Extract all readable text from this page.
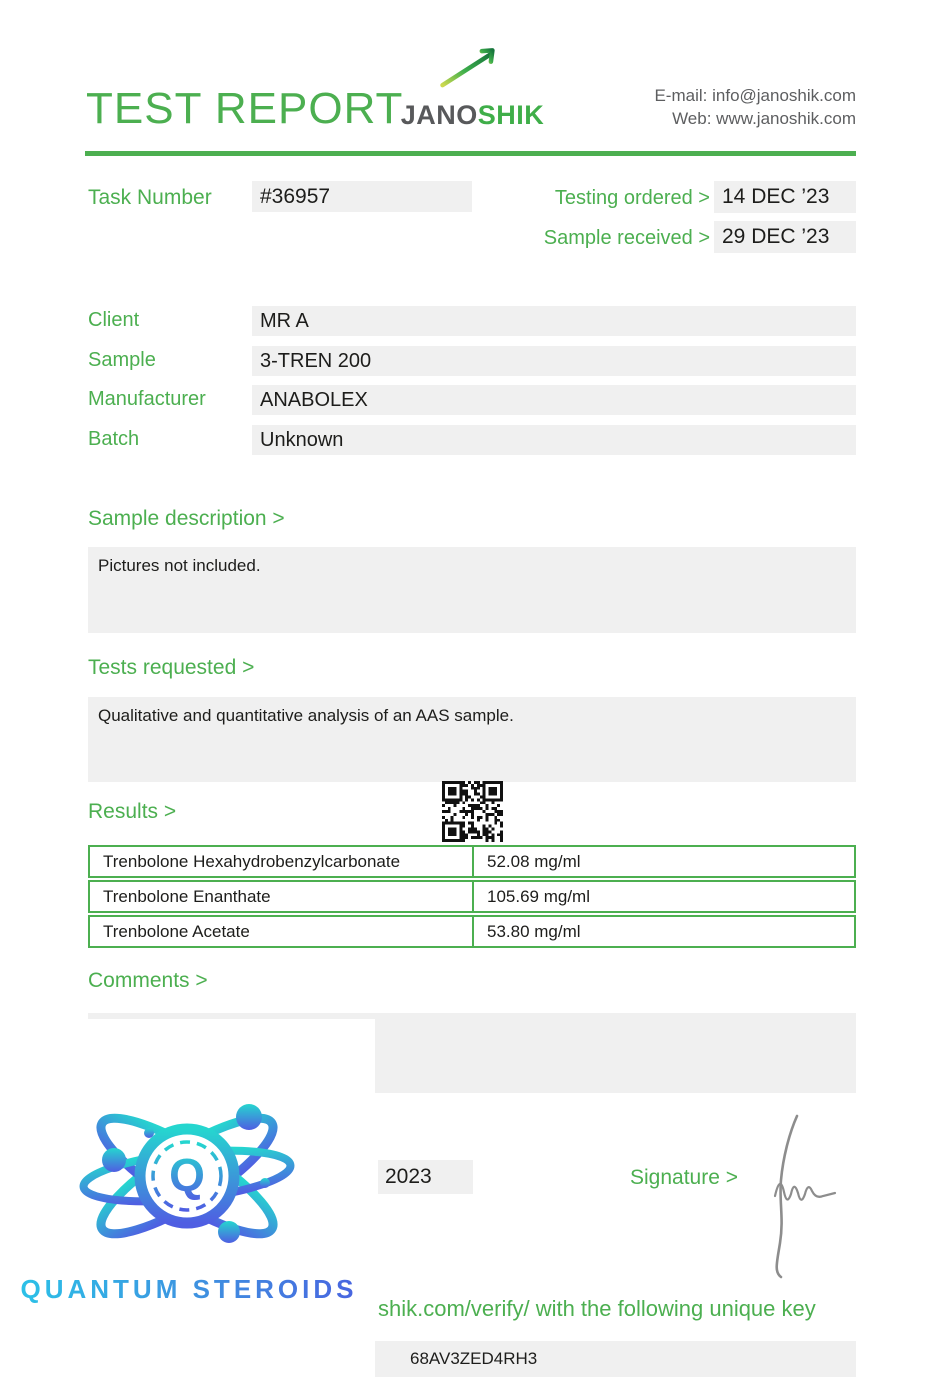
TEST REPORT
JANOSHIK
E-mail: info@janoshik.com
Web: www.janoshik.com
Task Number	#36957	Testing ordered > 14 DEC ’23
Sample received > 29 DEC ’23
Client	MR A
Sample	3-TREN 200
Manufacturer	ANABOLEX
Batch	Unknown
Sample description >
Pictures not included.
Tests requested >
Qualitative and quantitative analysis of an AAS sample.
Results >
Trenbolone Hexahydrobenzylcarbonate	52.08 mg/ml
Trenbolone Enanthate	105.69 mg/ml
Trenbolone Acetate	53.80 mg/ml
Comments >
Q
QUANTUM STEROIDS
2023	Signature >
shik.com/verify/ with the following unique key
68AV3ZED4RH3
